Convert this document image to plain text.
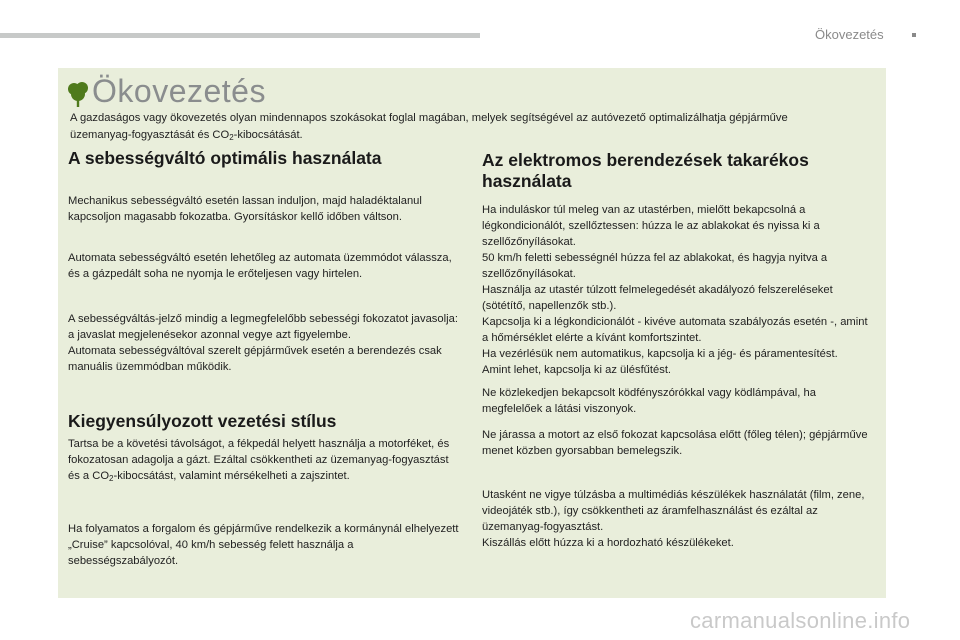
Ökovezetés
Ökovezetés
A gazdaságos vagy ökovezetés olyan mindennapos szokásokat foglal magában, melyek segítségével az autóvezető optimalizálhatja gépjárműve
üzemanyag-fogyasztását és $CO_2$-kibocsátását.
A sebességváltó optimális használata

Mechanikus sebességváltó esetén lassan induljon, majd haladéktalanul kapcsoljon magasabb fokozatba. Gyorsításkor kellő időben váltson.

Automata sebességváltó esetén lehetőleg az automata üzemmódot válassza, és a gázpedált soha ne nyomja le erőteljesen vagy hirtelen.

A sebességváltás-jelző mindig a legmegfelelőbb sebességi fokozatot javasolja: a javaslat megjelenésekor azonnal vegye azt figyelembe.

Automata sebességváltóval szerelt gépjárművek esetén a berendezés csak manuális üzemmódban működik.

Kiegyensúlyozott vezetési stílus

Tartsa be a követési távolságot, a fékpedál helyett használja a motorféket, és fokozatosan adagolja a gázt. Ezáltal csökkentheti az üzemanyag-fogyasztást és a $CO_2$-kibocsátást, valamint mérsékelheti a zajszintet.

Ha folyamatos a forgalom és gépjárműve rendelkezik a kormánynál elhelyezett „Cruise” kapcsolóval, 40 km/h sebesség felett használja a sebességszabályozót.

Az elektromos berendezések takarékos
használata

Ha induláskor túl meleg van az utastérben, mielőtt bekapcsolná a légkondicionálót, szellőztessen: húzza le az ablakokat és nyissa ki a szellőzőnyílásokat.

50 km/h feletti sebességnél húzza fel az ablakokat, és hagyja nyitva a szellőzőnyílásokat.

Használja az utastér túlzott felmelegedését akadályozó felszereléseket (sötétítő, napellenzők stb.).

Kapcsolja ki a légkondicionálót - kivéve automata szabályozás esetén -, amint a hőmérséklet elérte a kívánt komfortszintet.

Ha vezérlésük nem automatikus, kapcsolja ki a jég- és páramentesítést.

Amint lehet, kapcsolja ki az ülésfűtést.

Ne közlekedjen bekapcsolt ködfényszórókkal vagy ködlámpával, ha megfelelőek a látási viszonyok.

Ne járassa a motort az első fokozat kapcsolása előtt (főleg télen); gépjárműve menet közben gyorsabban bemelegszik.

Utasként ne vigye túlzásba a multimédiás készülékek használatát (film, zene, videojáték stb.), így csökkentheti az áramfelhasználást és ezáltal az üzemanyag-fogyasztást.

Kiszállás előtt húzza ki a hordozható készülékeket.

carmanualsonline.info
